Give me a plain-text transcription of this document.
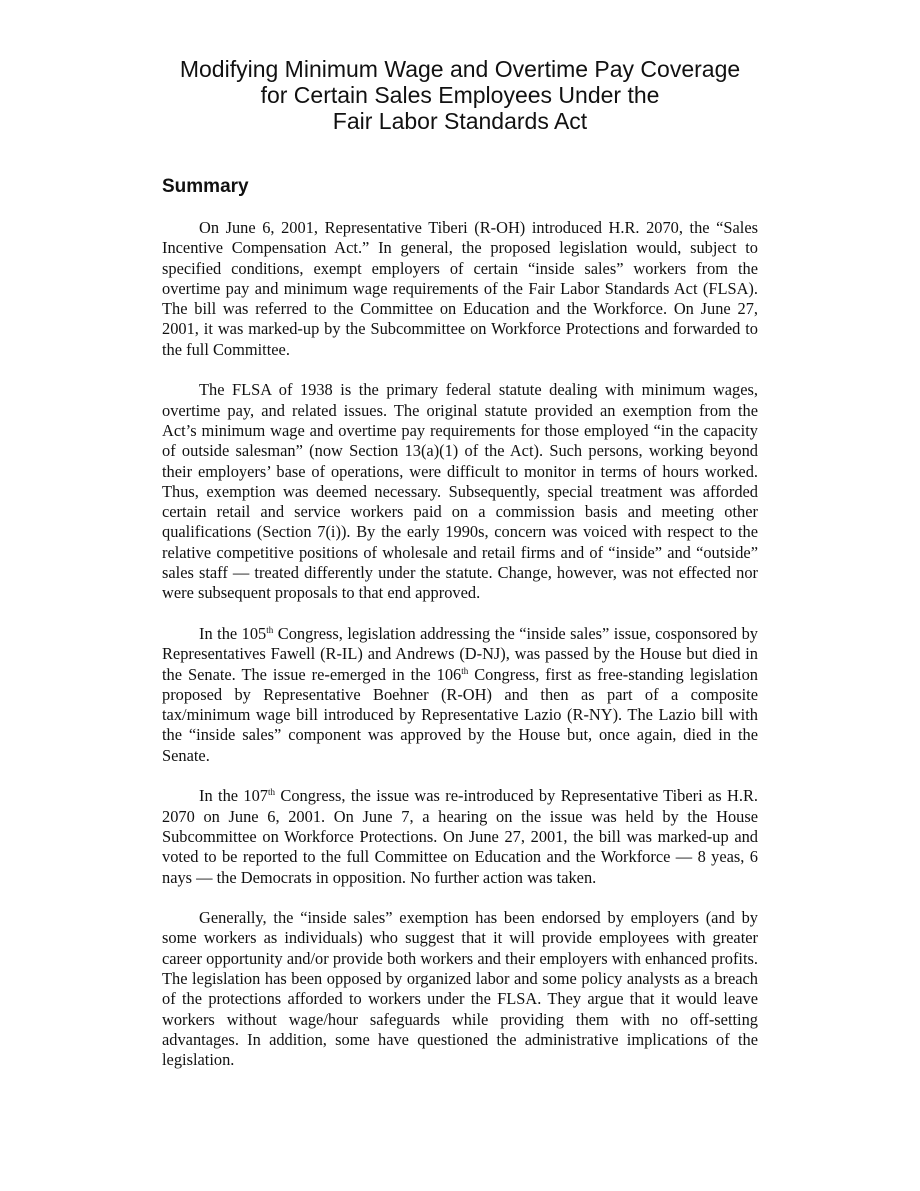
Modifying Minimum Wage and Overtime Pay Coverage
for Certain Sales Employees Under the
Fair Labor Standards Act
Summary

On June 6, 2001, Representative Tiberi (R-OH) introduced H.R. 2070, the “Sales Incentive Compensation Act.” In general, the proposed legislation would, subject to specified conditions, exempt employers of certain “inside sales” workers from the overtime pay and minimum wage requirements of the Fair Labor Standards Act (FLSA). The bill was referred to the Committee on Education and the Workforce. On June 27, 2001, it was marked-up by the Subcommittee on Workforce Protections and forwarded to the full Committee.

The FLSA of 1938 is the primary federal statute dealing with minimum wages, overtime pay, and related issues. The original statute provided an exemption from the Act’s minimum wage and overtime pay requirements for those employed “in the capacity of outside salesman” (now Section 13(a)(1) of the Act). Such persons, working beyond their employers’ base of operations, were difficult to monitor in terms of hours worked. Thus, exemption was deemed necessary. Subsequently, special treatment was afforded certain retail and service workers paid on a commission basis and meeting other qualifications (Section 7(i)). By the early 1990s, concern was voiced with respect to the relative competitive positions of wholesale and retail firms and of “inside” and “outside” sales staff — treated differently under the statute. Change, however, was not effected nor were subsequent proposals to that end approved.

In the 105th Congress, legislation addressing the “inside sales” issue, cosponsored by Representatives Fawell (R-IL) and Andrews (D-NJ), was passed by the House but died in the Senate. The issue re-emerged in the 106th Congress, first as free-standing legislation proposed by Representative Boehner (R-OH) and then as part of a composite tax/minimum wage bill introduced by Representative Lazio (R-NY). The Lazio bill with the “inside sales” component was approved by the House but, once again, died in the Senate.

In the 107th Congress, the issue was re-introduced by Representative Tiberi as H.R. 2070 on June 6, 2001. On June 7, a hearing on the issue was held by the House Subcommittee on Workforce Protections. On June 27, 2001, the bill was marked-up and voted to be reported to the full Committee on Education and the Workforce — 8 yeas, 6 nays — the Democrats in opposition. No further action was taken.

Generally, the “inside sales” exemption has been endorsed by employers (and by some workers as individuals) who suggest that it will provide employees with greater career opportunity and/or provide both workers and their employers with enhanced profits. The legislation has been opposed by organized labor and some policy analysts as a breach of the protections afforded to workers under the FLSA. They argue that it would leave workers without wage/hour safeguards while providing them with no off-setting advantages. In addition, some have questioned the administrative implications of the legislation.
